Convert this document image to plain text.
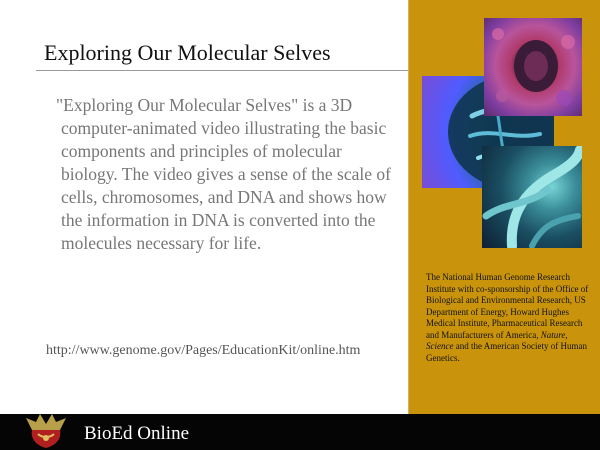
Exploring Our Molecular Selves

"Exploring Our Molecular Selves" is a 3D computer-animated video illustrating the basic components and principles of molecular biology. The video gives a sense of the scale of cells, chromosomes, and DNA and shows how the information in DNA is converted into the molecules necessary for life.

http://www.genome.gov/Pages/EducationKit/online.htm

The National Human Genome Research Institute with co-sponsorship of the Office of Biological and Environmental Research, US Department of Energy, Howard Hughes Medical Institute, Pharmaceutical Research and Manufacturers of America, Nature,
Science and the American Society of Human Genetics.

BioEd Online
